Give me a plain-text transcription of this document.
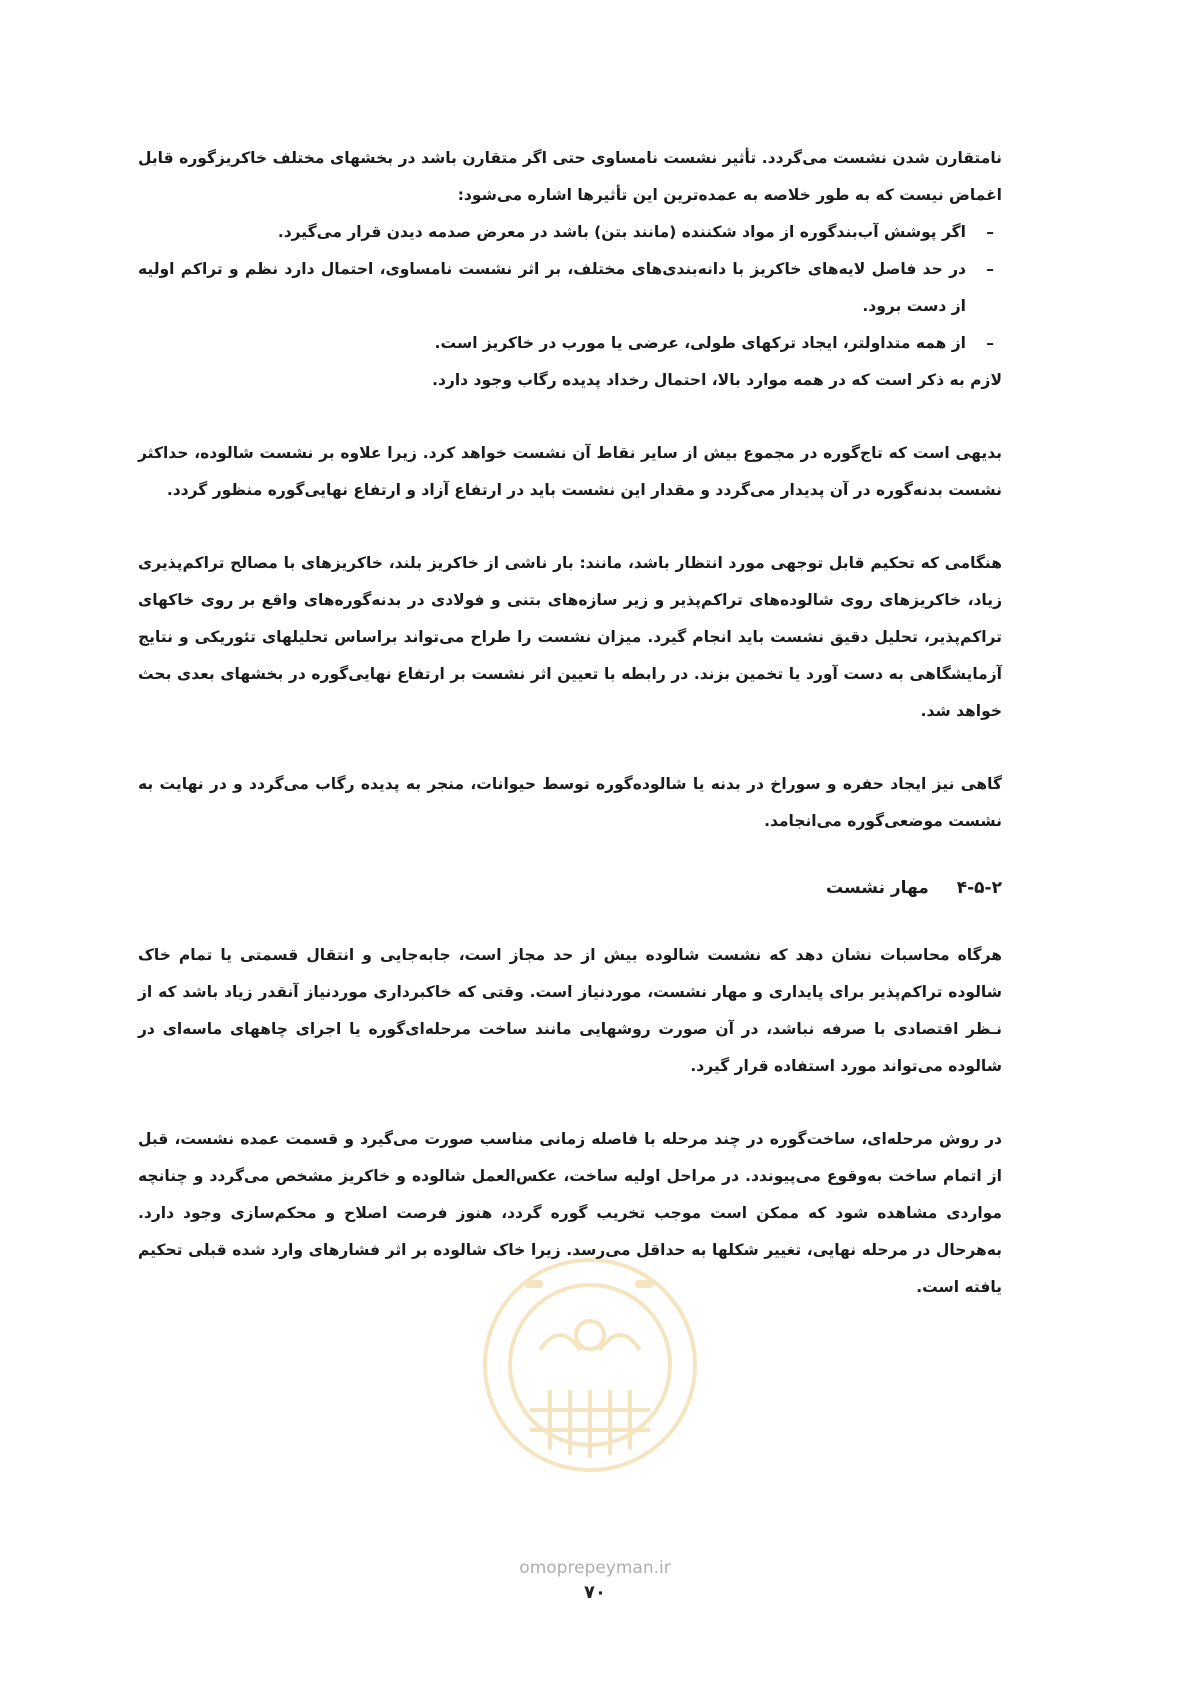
نامتقارن شدن نشست می‌گردد. تأثیر نشست نامساوی حتی اگر متقارن باشد در بخشهای مختلف خاکریزگوره قابل اغماض نیست که به طور خلاصه به عمده‌ترین این تأثیرها اشاره می‌شود:

–
اگر پوشش آب‌بندگوره از مواد شکننده (مانند بتن) باشد در معرض صدمه دیدن قرار می‌گیرد.
–
در حد فاصل لایه‌های خاکریز با دانه‌بندی‌های مختلف، بر اثر نشست نامساوی، احتمال دارد نظم و تراکم اولیه از دست برود.
–
از همه متداولتر، ایجاد ترکهای طولی، عرضی یا مورب در خاکریز است.

لازم به ذکر است که در همه موارد بالا، احتمال رخداد پدیده رگاب وجود دارد.

بدیهی است که تاج‌گوره در مجموع بیش از سایر نقاط آن نشست خواهد کرد. زیرا علاوه بر نشست شالوده، حداکثر نشست بدنه‌گوره در آن پدیدار می‌گردد و مقدار این نشست باید در ارتفاع آزاد و ارتفاع نهایی‌گوره منظور گردد.

هنگامی که تحکیم قابل توجهی مورد انتظار باشد، مانند: بار ناشی از خاکریز بلند، خاکریزهای با مصالح تراکم‌پذیری زیاد، خاکریزهای روی شالوده‌های تراکم‌پذیر و زیر سازه‌های بتنی و فولادی در بدنه‌گوره‌های واقع بر روی خاکهای تراکم‌پذیر، تحلیل دقیق نشست باید انجام گیرد. میزان نشست را طراح می‌تواند براساس تحلیلهای تئوریکی و نتایج آزمایشگاهی به دست آورد یا تخمین بزند. در رابطه با تعیین اثر نشست بر ارتفاع نهایی‌گوره در بخشهای بعدی بحث خواهد شد.

گاهی نیز ایجاد حفره و سوراخ در بدنه یا شالوده‌گوره توسط حیوانات، منجر به پدیده رگاب می‌گردد و در نهایت به نشست موضعی‌گوره می‌انجامد.

۴-۵-۲ مهار نشست

هرگاه محاسبات نشان دهد که نشست شالوده بیش از حد مجاز است، جابه‌جایی و انتقال قسمتی یا تمام خاک شالوده تراکم‌پذیر برای پایداری و مهار نشست، موردنیاز است. وقتی که خاکبرداری موردنیاز آنقدر زیاد باشد که از نـظر اقتصادی با صرفه نباشد، در آن صورت روشهایی مانند ساخت مرحله‌ای‌گوره یا اجرای چاههای ماسه‌ای در شالوده می‌تواند مورد استفاده قرار گیرد.

در روش مرحله‌ای، ساخت‌گوره در چند مرحله با فاصله زمانی مناسب صورت می‌گیرد و قسمت عمده نشست، قبل از اتمام ساخت به‌وقوع می‌پیوندد. در مراحل اولیه ساخت، عکس‌العمل شالوده و خاکریز مشخص می‌گردد و چنانچه مواردی مشاهده شود که ممکن است موجب تخریب گوره گردد، هنوز فرصت اصلاح و محکم‌سازی وجود دارد. به‌هرحال در مرحله نهایی، تغییر شکلها به حداقل می‌رسد. زیرا خاک شالوده بر اثر فشارهای وارد شده قبلی تحکیم یافته است.

omoprepeyman.ir
۷۰
